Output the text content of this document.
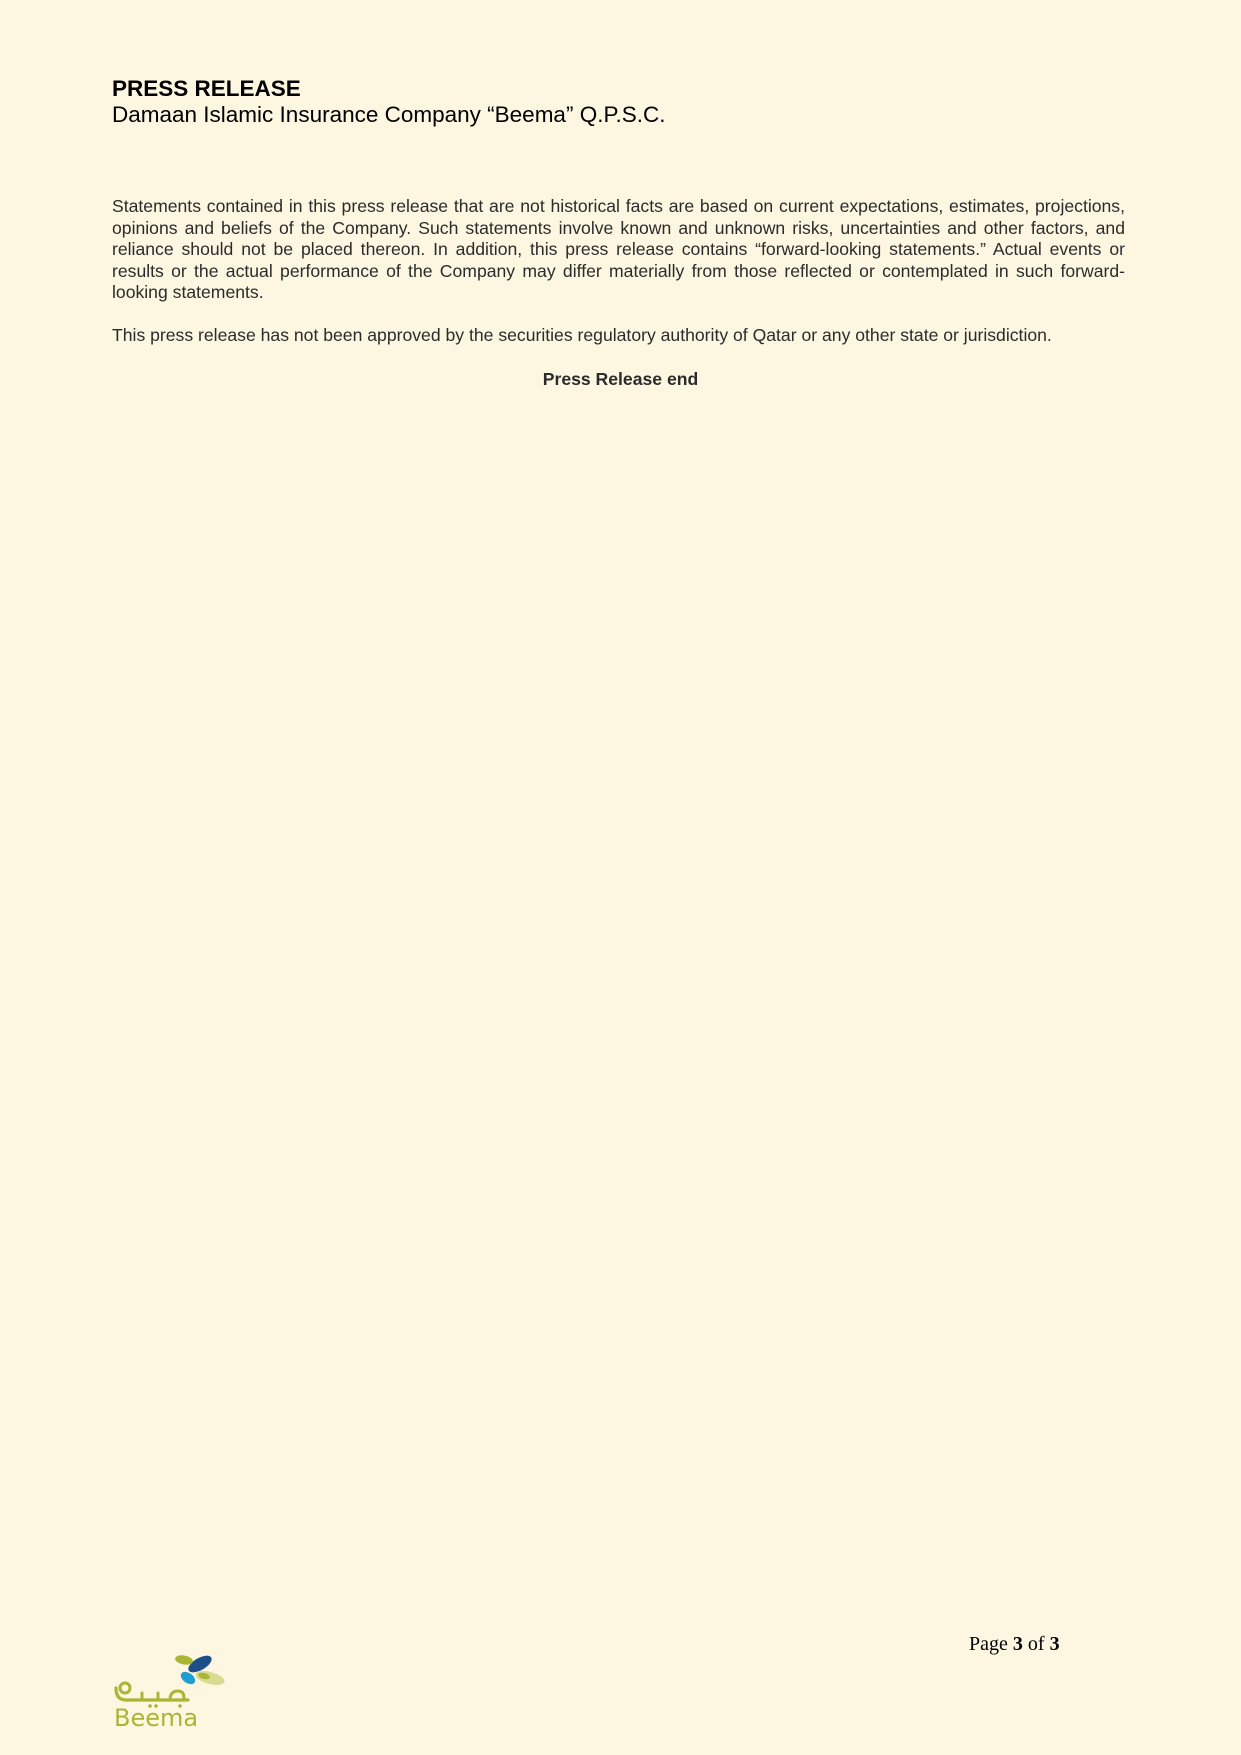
PRESS RELEASE
Damaan Islamic Insurance Company “Beema” Q.P.S.C.

Statements contained in this press release that are not historical facts are based on current expectations, estimates, projections, opinions and beliefs of the Company. Such statements involve known and unknown risks, uncertainties and other factors, and reliance should not be placed thereon. In addition, this press release contains “forward-looking statements.” Actual events or results or the actual performance of the Company may differ materially from those reflected or contemplated in such forward- looking statements.

This press release has not been approved by the securities regulatory authority of Qatar or any other state or jurisdiction.

Press Release end
Beema
Page 3 of 3
